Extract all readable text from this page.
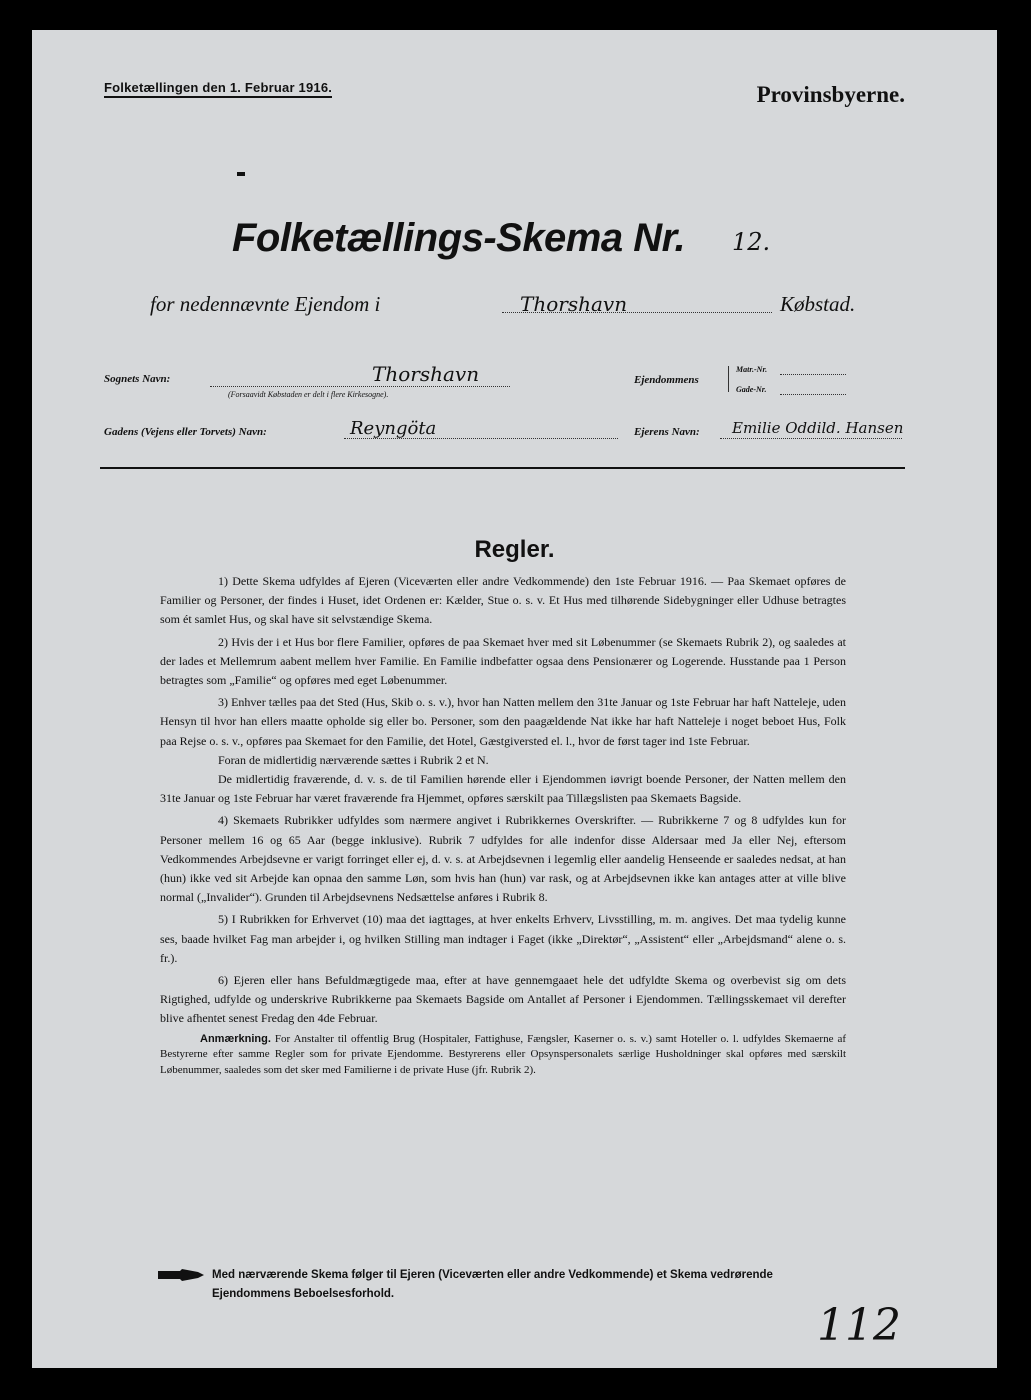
Folketællingen den 1. Februar 1916.	Provinsbyerne.
Folketællings-Skema Nr. 12.
for nedennævnte Ejendom i	Thorshavn	Købstad.
Sognets Navn:	Thorshavn
(Forsaavidt Købstaden er delt i flere Kirkesogne).
Ejendommens
Matr.-Nr.
Gade-Nr.
Gadens (Vejens eller Torvets) Navn:	Reyngöta	Ejerens Navn: Emilie Oddild. Hansen
Regler.

1) Dette Skema udfyldes af Ejeren (Viceværten eller andre Vedkommende) den 1ste Februar 1916. — Paa Skemaet opføres de Familier og Personer, der findes i Huset, idet Ordenen er: Kælder, Stue o. s. v. Et Hus med tilhørende Sidebygninger eller Udhuse betragtes som ét samlet Hus, og skal have sit selvstændige Skema.

2) Hvis der i et Hus bor flere Familier, opføres de paa Skemaet hver med sit Løbenummer (se Skemaets Rubrik 2), og saaledes at der lades et Mellemrum aabent mellem hver Familie. En Familie indbefatter ogsaa dens Pensionærer og Logerende. Husstande paa 1 Person betragtes som „Familie“ og opføres med eget Løbenummer.

3) Enhver tælles paa det Sted (Hus, Skib o. s. v.), hvor han Natten mellem den 31te Januar og 1ste Februar har haft Natteleje, uden Hensyn til hvor han ellers maatte opholde sig eller bo. Personer, som den paagældende Nat ikke har haft Natteleje i noget beboet Hus, Folk paa Rejse o. s. v., opføres paa Skemaet for den Familie, det Hotel, Gæstgiversted el. l., hvor de først tager ind 1ste Februar.

Foran de midlertidig nærværende sættes i Rubrik 2 et N.

De midlertidig fraværende, d. v. s. de til Familien hørende eller i Ejendommen iøvrigt boende Personer, der Natten mellem den 31te Januar og 1ste Februar har været fraværende fra Hjemmet, opføres særskilt paa Tillægslisten paa Skemaets Bagside.

4) Skemaets Rubrikker udfyldes som nærmere angivet i Rubrikkernes Overskrifter. — Rubrikkerne 7 og 8 udfyldes kun for Personer mellem 16 og 65 Aar (begge inklusive). Rubrik 7 udfyldes for alle indenfor disse Aldersaar med Ja eller Nej, eftersom Vedkommendes Arbejdsevne er varigt forringet eller ej, d. v. s. at Arbejdsevnen i legemlig eller aandelig Henseende er saaledes nedsat, at han (hun) ikke ved sit Arbejde kan opnaa den samme Løn, som hvis han (hun) var rask, og at Arbejdsevnen ikke kan antages atter at ville blive normal („Invalider“). Grunden til Arbejdsevnens Nedsættelse anføres i Rubrik 8.

5) I Rubrikken for Erhvervet (10) maa det iagttages, at hver enkelts Erhverv, Livsstilling, m. m. angives. Det maa tydelig kunne ses, baade hvilket Fag man arbejder i, og hvilken Stilling man indtager i Faget (ikke „Direktør“, „Assistent“ eller „Arbejdsmand“ alene o. s. fr.).

6) Ejeren eller hans Befuldmægtigede maa, efter at have gennemgaaet hele det udfyldte Skema og overbevist sig om dets Rigtighed, udfylde og underskrive Rubrikkerne paa Skemaets Bagside om Antallet af Personer i Ejendommen. Tællingsskemaet vil derefter blive afhentet senest Fredag den 4de Februar.

Anmærkning. For Anstalter til offentlig Brug (Hospitaler, Fattighuse, Fængsler, Kaserner o. s. v.) samt Hoteller o. l. udfyldes Skemaerne af Bestyrerne efter samme Regler som for private Ejendomme. Bestyrerens eller Opsynspersonalets særlige Husholdninger skal opføres med særskilt Løbenummer, saaledes som det sker med Familierne i de private Huse (jfr. Rubrik 2).

Med nærværende Skema følger til Ejeren (Viceværten eller andre Vedkommende) et Skema vedrørende Ejendommens Beboelsesforhold.
112
